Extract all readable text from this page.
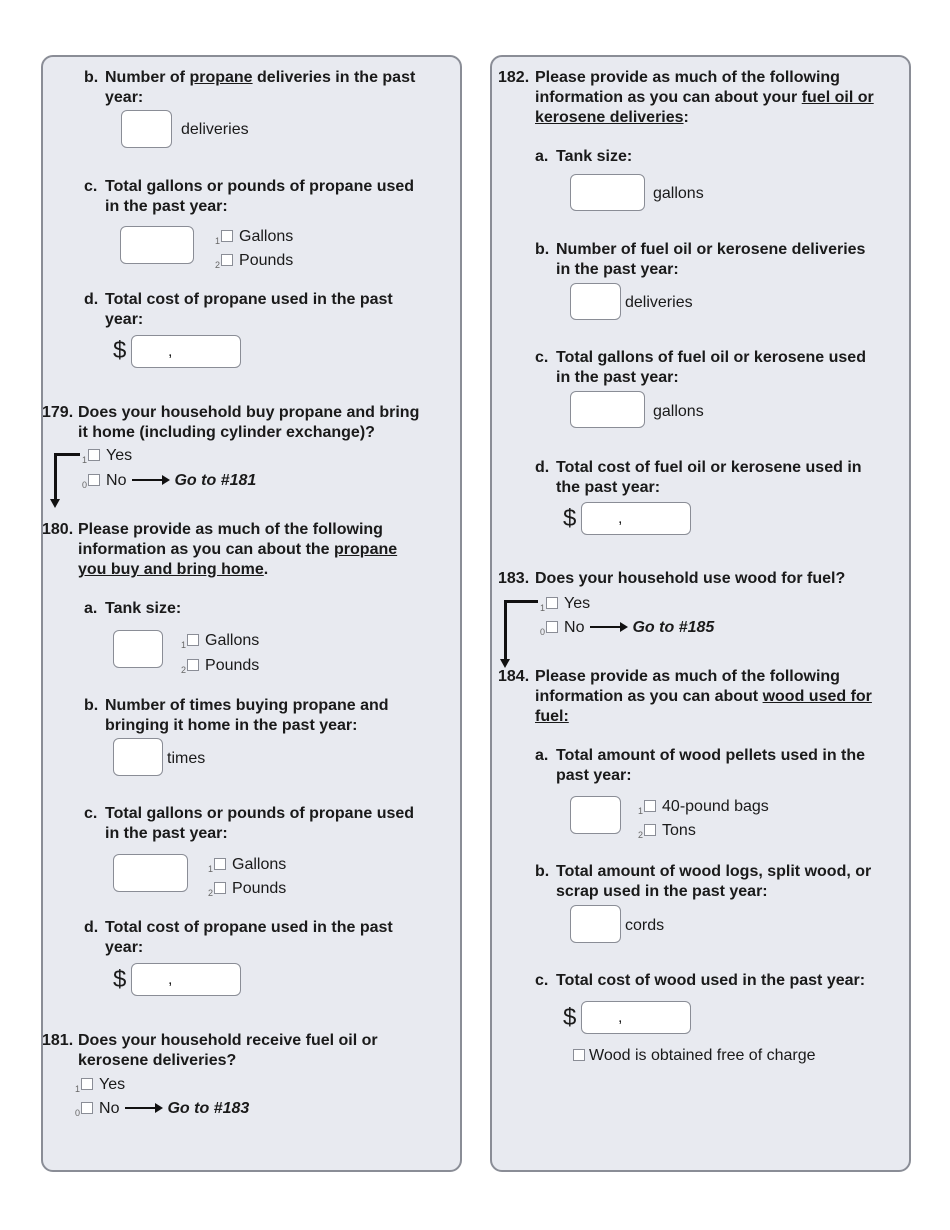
b. Number of propane deliveries in the past
year:
deliveries
c. Total gallons or pounds of propane used
in the past year:
1 Gallons
2 Pounds
d. Total cost of propane used in the past
year:
$	,
179. Does your household buy propane and bring
it home (including cylinder exchange)?
1 Yes
0 No	Go to #181
180. Please provide as much of the following
information as you can about the propane
you buy and bring home.
a. Tank size:
1 Gallons
2 Pounds
b. Number of times buying propane and
bringing it home in the past year:
times
c. Total gallons or pounds of propane used
in the past year:
1 Gallons
2 Pounds
d. Total cost of propane used in the past
year:
$	,
181. Does your household receive fuel oil or
kerosene deliveries?
1 Yes
0 No	Go to #183
182. Please provide as much of the following
information as you can about your fuel oil or
kerosene deliveries:
a. Tank size:
gallons
b. Number of fuel oil or kerosene deliveries
in the past year:
deliveries
c. Total gallons of fuel oil or kerosene used
in the past year:
gallons
d. Total cost of fuel oil or kerosene used in
the past year:
$	,
183. Does your household use wood for fuel?
1 Yes
0 No	Go to #185
184. Please provide as much of the following
information as you can about wood used for
fuel:
a. Total amount of wood pellets used in the
past year:
1 40-pound bags
2 Tons
b. Total amount of wood logs, split wood, or
scrap used in the past year:
cords
c. Total cost of wood used in the past year:
$	,
Wood is obtained free of charge
